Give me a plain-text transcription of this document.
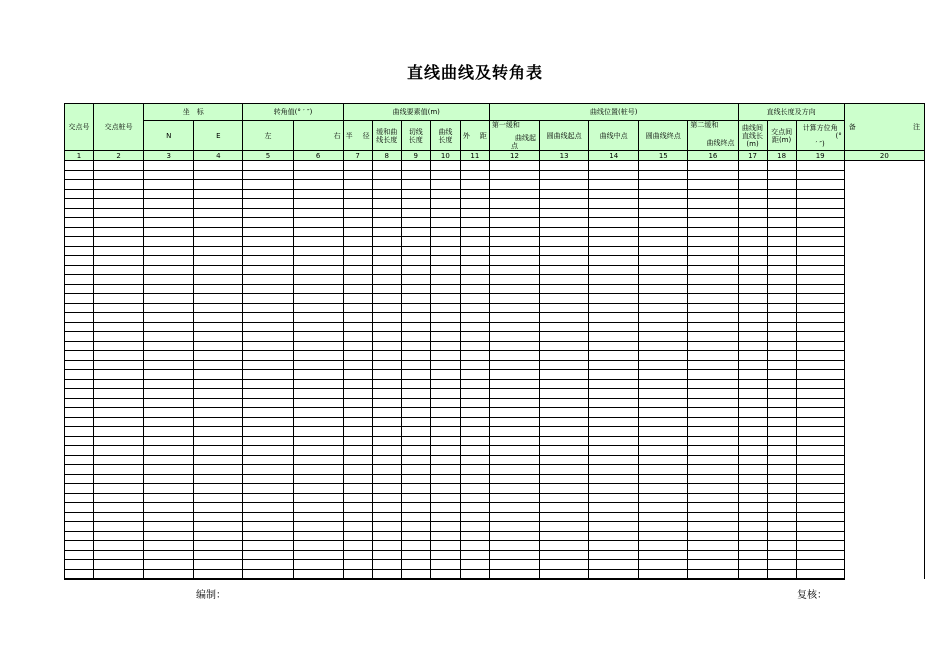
直线曲线及转角表
交点号	交点桩号	坐　标		转角值(° ′ ″)		曲线要素值(m)					曲线位置(桩号)					直线长度及方向			备 注

		N	E	左	右	半 径	缓和曲
线长度	切线
长度	曲线
长度	外 距	第一缓和
曲线起
点	圆曲线起点	曲线中点	圆曲线终点	第二缓和
曲线终点	曲线间
直线长
(m)	交点间
距(m)	计算方位角
(°
′ ″)	

1	2	3	4	5	6	7	8	9	10	11	12	13	14	15	16	17	18	19	20

编制：	复核：
